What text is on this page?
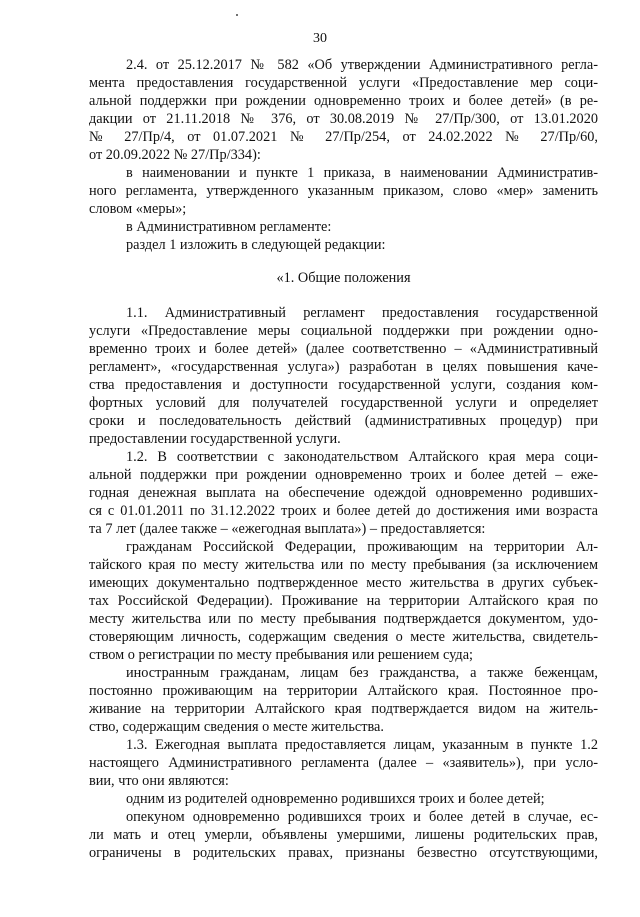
30
2.4. от 25.12.2017 № 582 «Об утверждении Административного регла-
мента предоставления государственной услуги «Предоставление мер соци-
альной поддержки при рождении одновременно троих и более детей» (в ре-
дакции от 21.11.2018 № 376, от 30.08.2019 № 27/Пр/300, от 13.01.2020
№ 27/Пр/4, от 01.07.2021 № 27/Пр/254, от 24.02.2022 № 27/Пр/60,
от 20.09.2022 № 27/Пр/334):
в наименовании и пункте 1 приказа, в наименовании Административ-
ного регламента, утвержденного указанным приказом, слово «мер» заменить
словом «меры»;
в Административном регламенте:
раздел 1 изложить в следующей редакции:
«1. Общие положения
1.1. Административный регламент предоставления государственной
услуги «Предоставление меры социальной поддержки при рождении одно-
временно троих и более детей» (далее соответственно – «Административный
регламент», «государственная услуга») разработан в целях повышения каче-
ства предоставления и доступности государственной услуги, создания ком-
фортных условий для получателей государственной услуги и определяет
сроки и последовательность действий (административных процедур) при
предоставлении государственной услуги.
1.2. В соответствии с законодательством Алтайского края мера соци-
альной поддержки при рождении одновременно троих и более детей – еже-
годная денежная выплата на обеспечение одеждой одновременно родивших-
ся с 01.01.2011 по 31.12.2022 троих и более детей до достижения ими возраста
та 7 лет (далее также – «ежегодная выплата») – предоставляется:
гражданам Российской Федерации, проживающим на территории Ал-
тайского края по месту жительства или по месту пребывания (за исключением
имеющих документально подтвержденное место жительства в других субъек-
тах Российской Федерации). Проживание на территории Алтайского края по
месту жительства или по месту пребывания подтверждается документом, удо-
стоверяющим личность, содержащим сведения о месте жительства, свидетель-
ством о регистрации по месту пребывания или решением суда;
иностранным гражданам, лицам без гражданства, а также беженцам,
постоянно проживающим на территории Алтайского края. Постоянное про-
живание на территории Алтайского края подтверждается видом на житель-
ство, содержащим сведения о месте жительства.
1.3. Ежегодная выплата предоставляется лицам, указанным в пункте 1.2
настоящего Административного регламента (далее – «заявитель»), при усло-
вии, что они являются:
одним из родителей одновременно родившихся троих и более детей;
опекуном одновременно родившихся троих и более детей в случае, ес-
ли мать и отец умерли, объявлены умершими, лишены родительских прав,
ограничены в родительских правах, признаны безвестно отсутствующими,
